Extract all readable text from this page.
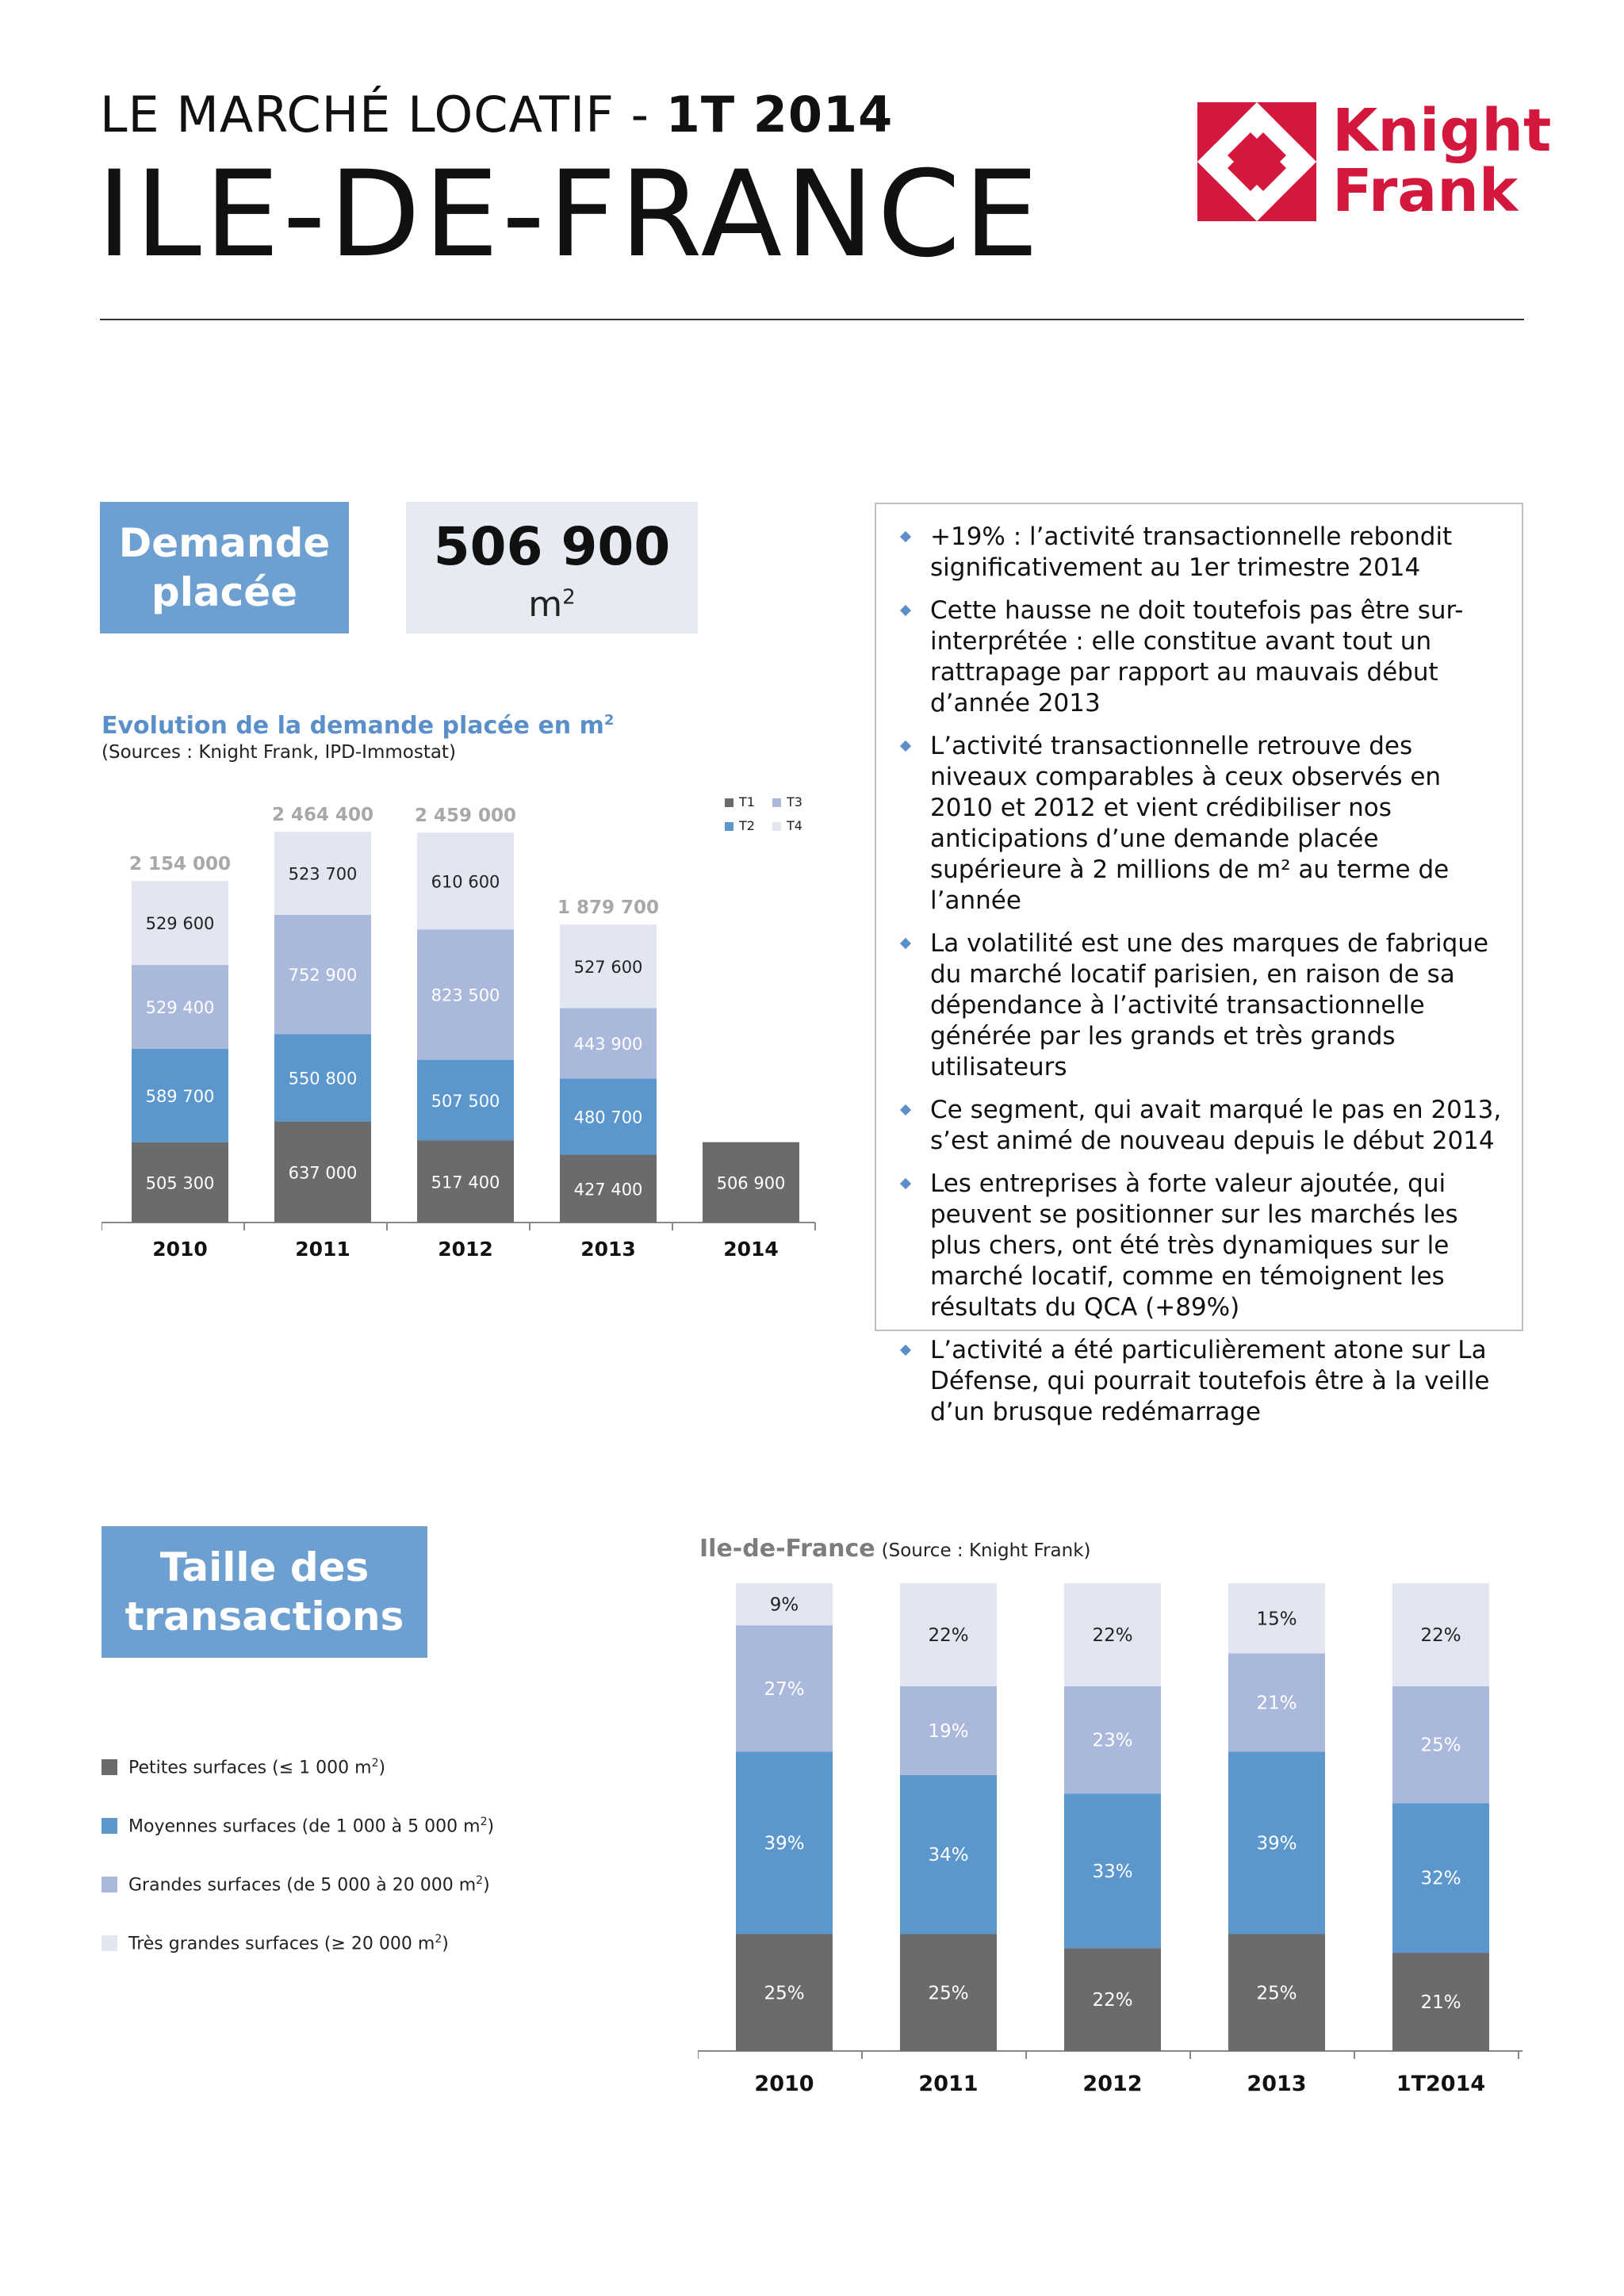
LE MARCHÉ LOCATIF - 1T 2014
ILE-DE-FRANCE
Knight
Frank
Demande
placée
506 900
$m^2$
Evolution de la demande placée en $m^2$
(Sources : Knight Frank, IPD-Immostat)
505 300
589 700
529 400
529 600
2 154 000
2010
637 000
550 800
752 900
523 700
2 464 400
2011
517 400
507 500
823 500
610 600
2 459 000
2012
427 400
480 700
443 900
527 600
1 879 700
2013
506 900
2014
T1
T2
T3
T4
+19% : l’activité transactionnelle rebondit significativement au 1er trimestre 2014
Cette hausse ne doit toutefois pas être sur-interprétée : elle constitue avant tout un rattrapage par rapport au mauvais début d’année 2013
L’activité transactionnelle retrouve des niveaux comparables à ceux observés en 2010 et 2012 et vient crédibiliser nos anticipations d’une demande placée supérieure à 2 millions de m² au terme de l’année
La volatilité est une des marques de fabrique du marché locatif parisien, en raison de sa dépendance à l’activité transactionnelle générée par les grands et très grands utilisateurs
Ce segment, qui avait marqué le pas en 2013, s’est animé de nouveau depuis le début 2014
Les entreprises à forte valeur ajoutée, qui peuvent se positionner sur les marchés les plus chers, ont été très dynamiques sur le marché locatif, comme en témoignent les résultats du QCA (+89%)
L’activité a été particulièrement atone sur La Défense, qui pourrait toutefois être à la veille d’un brusque redémarrage
Taille des
transactions
Petites surfaces (≤ 1 000 $m^2$)
Moyennes surfaces (de 1 000 à 5 000 $m^2$)
Grandes surfaces (de 5 000 à 20 000 $m^2$)
Très grandes surfaces (≥ 20 000 $m^2$)
Ile-de-France (Source : Knight Frank)
25%
39%
27%
9%
2010
25%
34%
19%
22%
2011
22%
33%
23%
22%
2012
25%
39%
21%
15%
2013
21%
32%
25%
22%
1T2014
